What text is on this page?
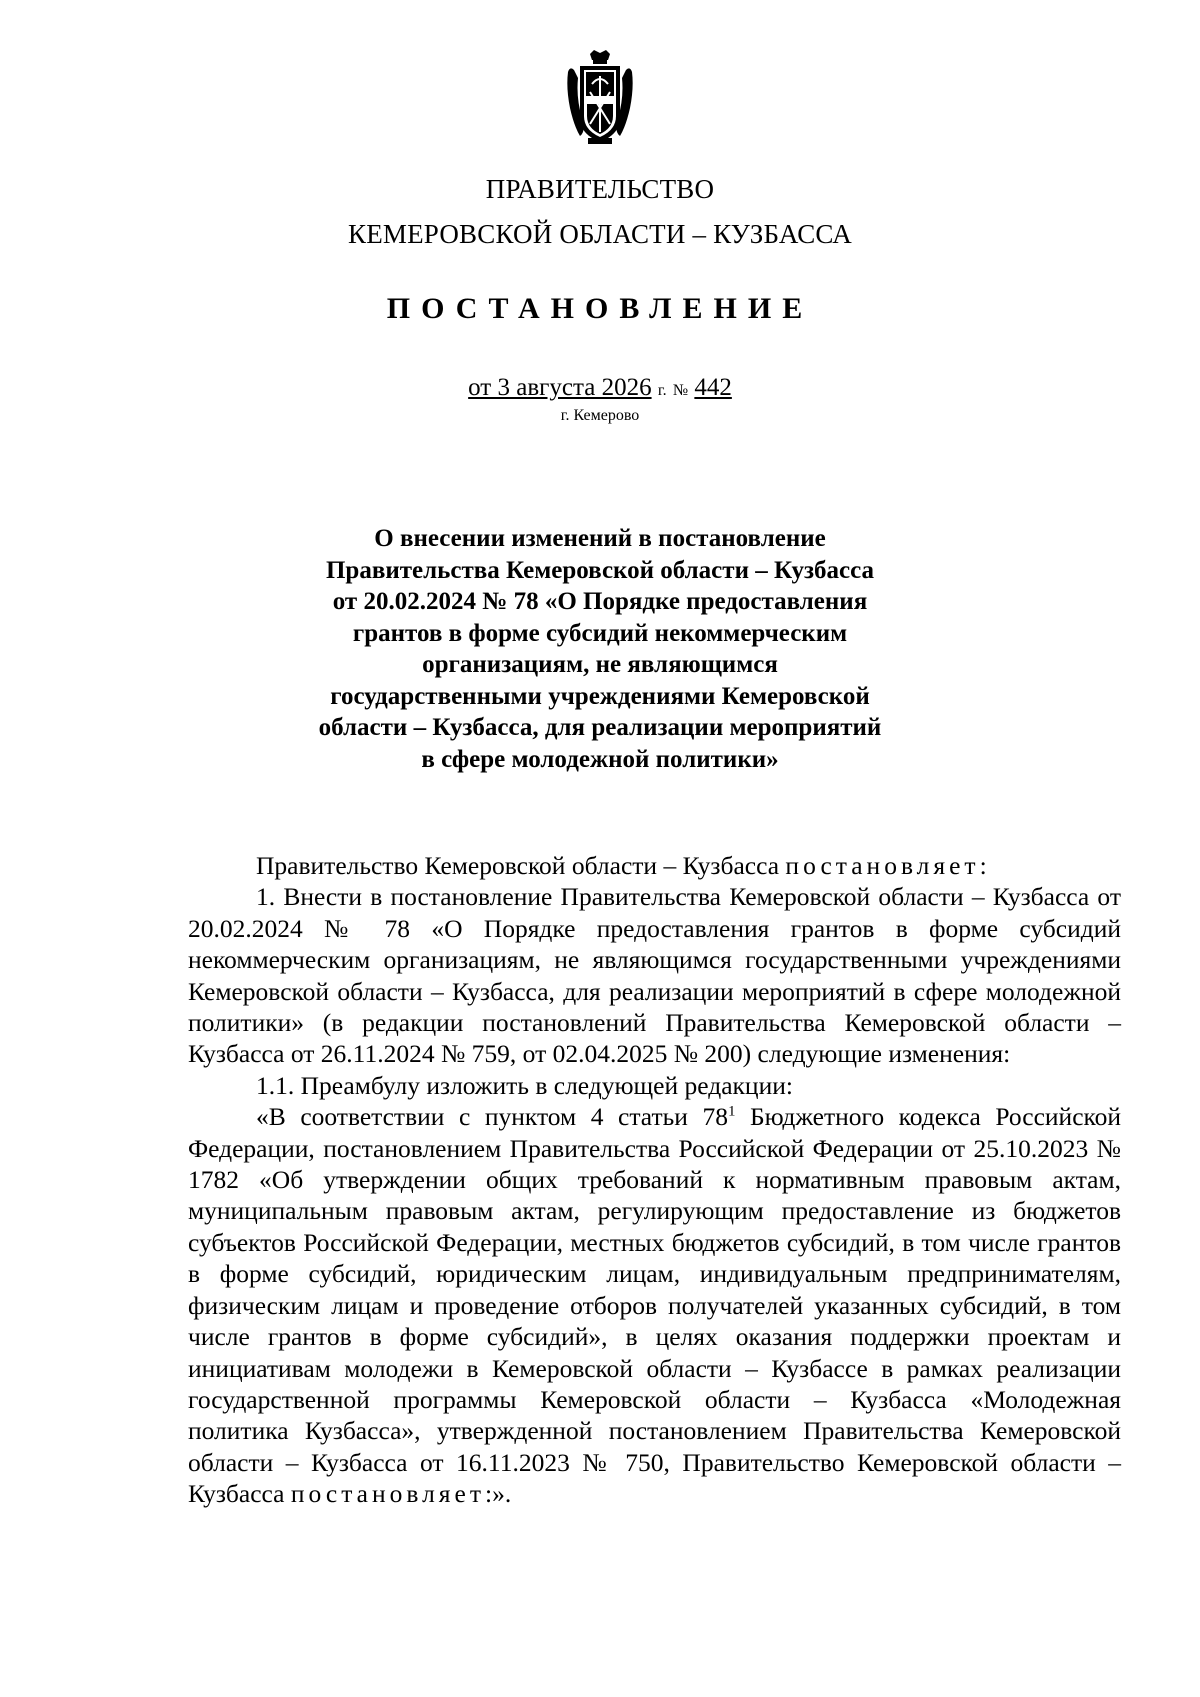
ПРАВИТЕЛЬСТВО
КЕМЕРОВСКОЙ ОБЛАСТИ – КУЗБАССА
ПОСТАНОВЛЕНИЕ
от 3 августа 2026 г. № 442
г. Кемерово
О внесении изменений в постановление
Правительства Кемеровской области – Кузбасса
от 20.02.2024 № 78 «О Порядке предоставления
грантов в форме субсидий некоммерческим
организациям, не являющимся
государственными учреждениями Кемеровской
области – Кузбасса, для реализации мероприятий
в сфере молодежной политики»

Правительство Кемеровской области – Кузбасса постановляет:

1. Внести в постановление Правительства Кемеровской области – Кузбасса от 20.02.2024 № 78 «О Порядке предоставления грантов в форме субсидий некоммерческим организациям, не являющимся государственными учреждениями Кемеровской области – Кузбасса, для реализации мероприятий в сфере молодежной политики» (в редакции постановлений Правительства Кемеровской области – Кузбасса от 26.11.2024 № 759, от 02.04.2025 № 200) следующие изменения:

1.1. Преамбулу изложить в следующей редакции:

«В соответствии с пунктом 4 статьи $78^1$ Бюджетного кодекса Российской Федерации, постановлением Правительства Российской Федерации от 25.10.2023 № 1782 «Об утверждении общих требований к нормативным правовым актам, муниципальным правовым актам, регулирующим предоставление из бюджетов субъектов Российской Федерации, местных бюджетов субсидий, в том числе грантов в форме субсидий, юридическим лицам, индивидуальным предпринимателям, физическим лицам и проведение отборов получателей указанных субсидий, в том числе грантов в форме субсидий», в целях оказания поддержки проектам и инициативам молодежи в Кемеровской области – Кузбассе в рамках реализации государственной программы Кемеровской области – Кузбасса «Молодежная политика Кузбасса», утвержденной постановлением Правительства Кемеровской области – Кузбасса от 16.11.2023 № 750, Правительство Кемеровской области – Кузбасса постановляет:».
